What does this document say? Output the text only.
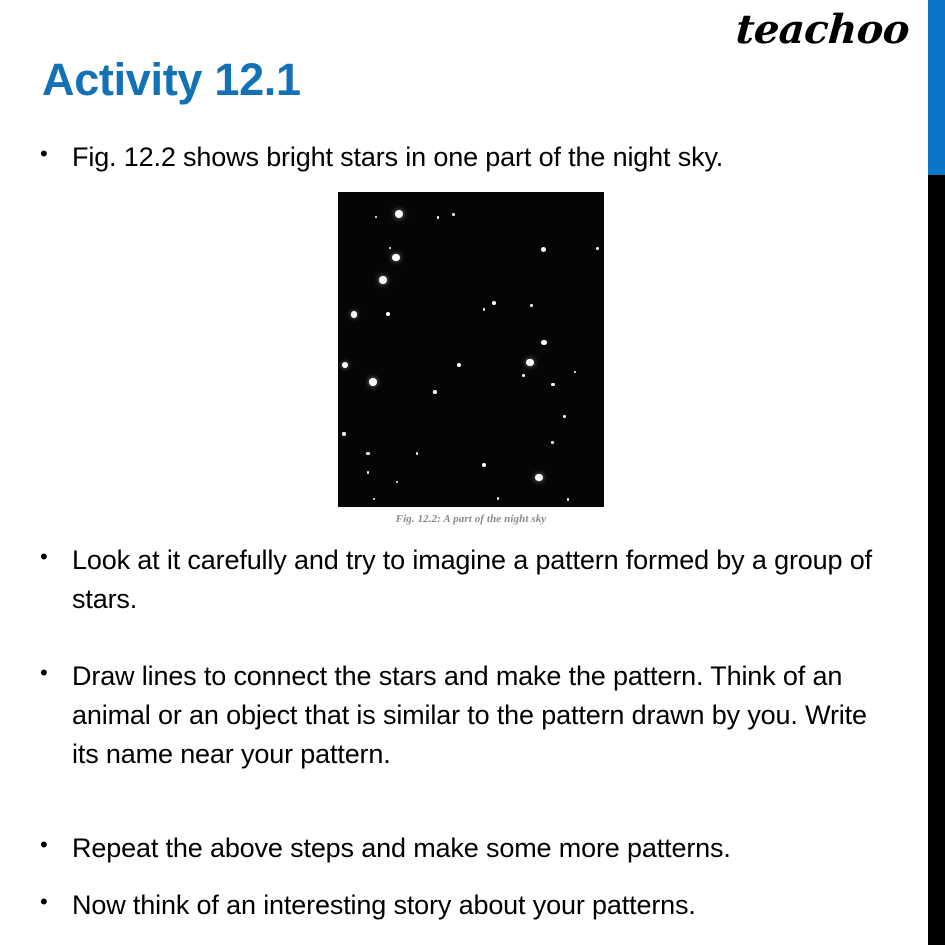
teachoo
Activity 12.1
• Fig. 12.2 shows bright stars in one part of the night sky.
Fig. 12.2: A part of the night sky
• Look at it carefully and try to imagine a pattern formed by a group of stars.
• Draw lines to connect the stars and make the pattern. Think of an animal or an object that is similar to the pattern drawn by you. Write its name near your pattern.
• Repeat the above steps and make some more patterns.
• Now think of an interesting story about your patterns.
